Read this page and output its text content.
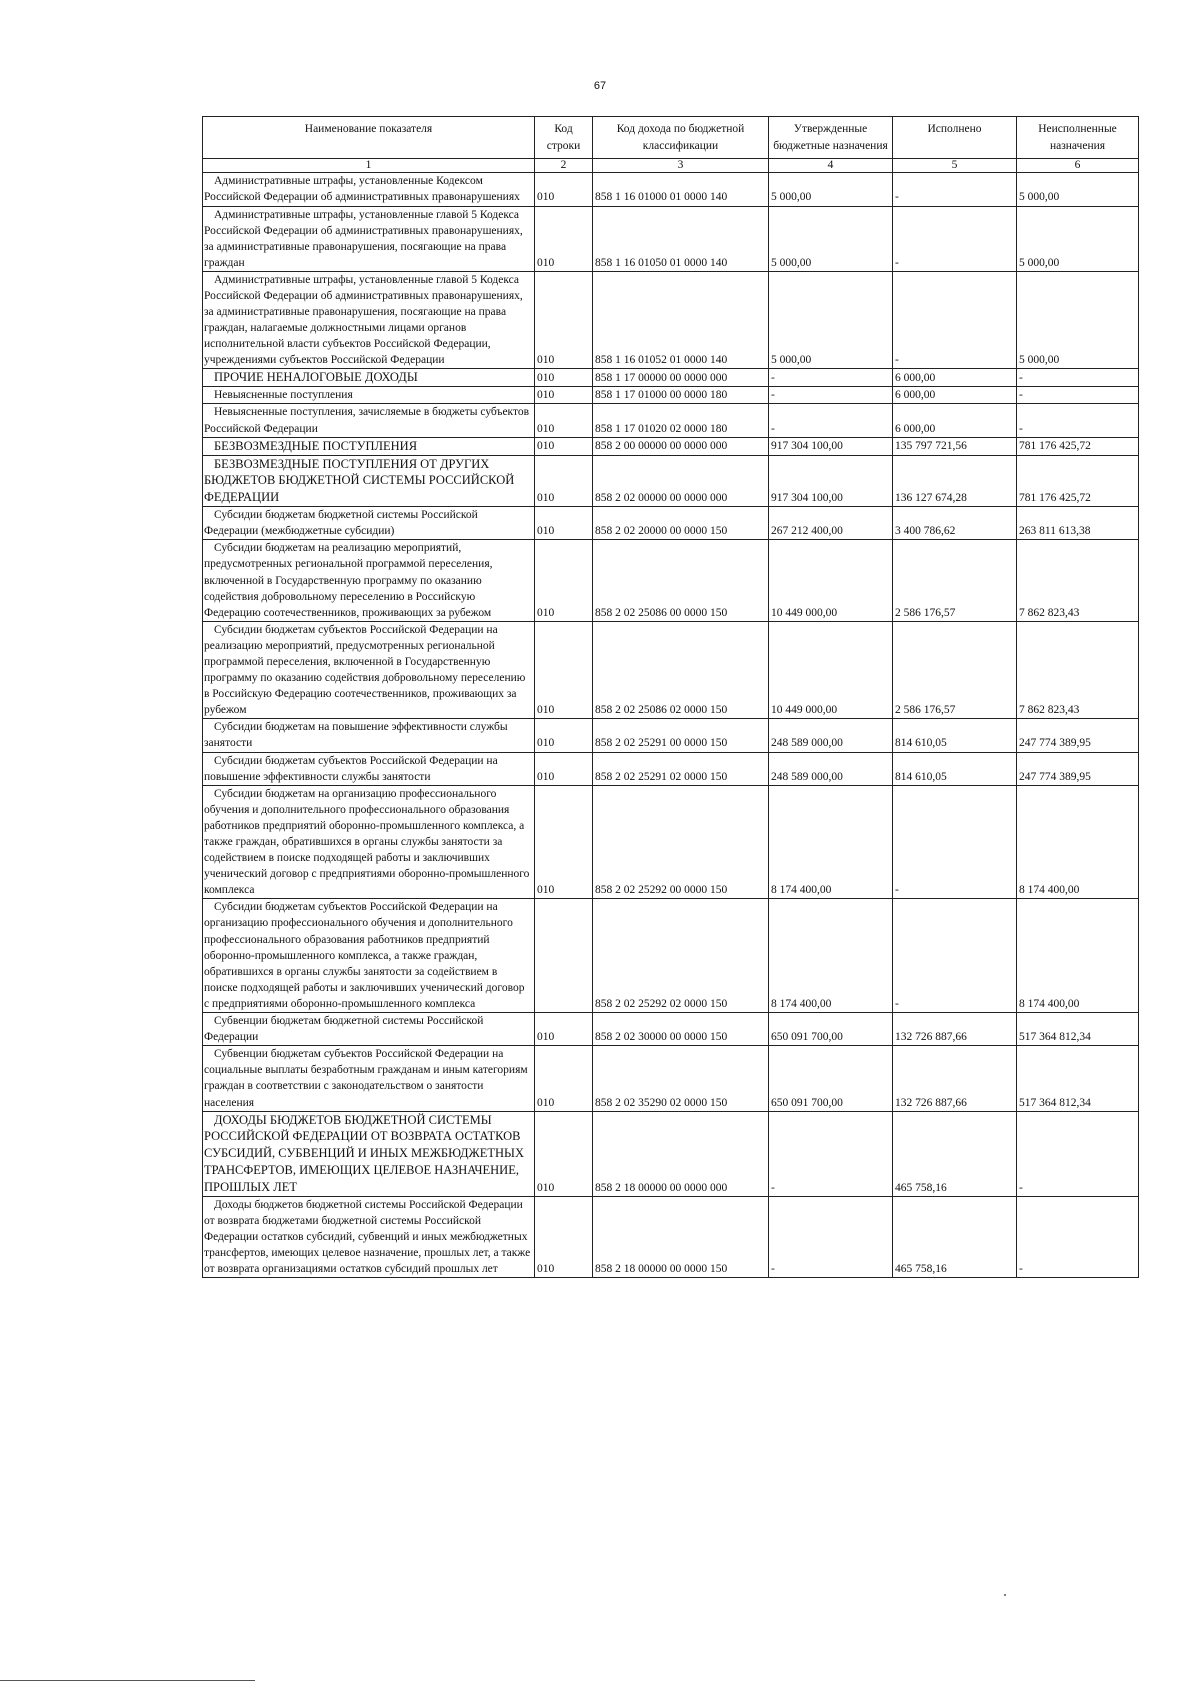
67
Наименование показателя	Код строки	Код дохода по бюджетной классификации	Утвержденные бюджетные назначения	Исполнено	Неисполненные назначения
1	2	3	4	5	6
Административные штрафы, установленные Кодексом Российской Федерации об административных правонарушениях	010	858 1 16 01000 01 0000 140	5 000,00	-	5 000,00
Административные штрафы, установленные главой 5 Кодекса Российской Федерации об административных правонарушениях, за административные правонарушения, посягающие на права граждан	010	858 1 16 01050 01 0000 140	5 000,00	-	5 000,00
Административные штрафы, установленные главой 5 Кодекса Российской Федерации об административных правонарушениях, за административные правонарушения, посягающие на права граждан, налагаемые должностными лицами органов исполнительной власти субъектов Российской Федерации, учреждениями субъектов Российской Федерации	010	858 1 16 01052 01 0000 140	5 000,00	-	5 000,00
ПРОЧИЕ НЕНАЛОГОВЫЕ ДОХОДЫ	010	858 1 17 00000 00 0000 000	-	6 000,00	-
Невыясненные поступления	010	858 1 17 01000 00 0000 180	-	6 000,00	-
Невыясненные поступления, зачисляемые в бюджеты субъектов Российской Федерации	010	858 1 17 01020 02 0000 180	-	6 000,00	-
БЕЗВОЗМЕЗДНЫЕ ПОСТУПЛЕНИЯ	010	858 2 00 00000 00 0000 000	917 304 100,00	135 797 721,56	781 176 425,72
БЕЗВОЗМЕЗДНЫЕ ПОСТУПЛЕНИЯ ОТ ДРУГИХ БЮДЖЕТОВ БЮДЖЕТНОЙ СИСТЕМЫ РОССИЙСКОЙ ФЕДЕРАЦИИ	010	858 2 02 00000 00 0000 000	917 304 100,00	136 127 674,28	781 176 425,72
Субсидии бюджетам бюджетной системы Российской Федерации (межбюджетные субсидии)	010	858 2 02 20000 00 0000 150	267 212 400,00	3 400 786,62	263 811 613,38
Субсидии бюджетам на реализацию мероприятий, предусмотренных региональной программой переселения, включенной в Государственную программу по оказанию содействия добровольному переселению в Российскую Федерацию соотечественников, проживающих за рубежом	010	858 2 02 25086 00 0000 150	10 449 000,00	2 586 176,57	7 862 823,43
Субсидии бюджетам субъектов Российской Федерации на реализацию мероприятий, предусмотренных региональной программой переселения, включенной в Государственную программу по оказанию содействия добровольному переселению в Российскую Федерацию соотечественников, проживающих за рубежом	010	858 2 02 25086 02 0000 150	10 449 000,00	2 586 176,57	7 862 823,43
Субсидии бюджетам на повышение эффективности службы занятости	010	858 2 02 25291 00 0000 150	248 589 000,00	814 610,05	247 774 389,95
Субсидии бюджетам субъектов Российской Федерации на повышение эффективности службы занятости	010	858 2 02 25291 02 0000 150	248 589 000,00	814 610,05	247 774 389,95
Субсидии бюджетам на организацию профессионального обучения и дополнительного профессионального образования работников предприятий оборонно-промышленного комплекса, а также граждан, обратившихся в органы службы занятости за содействием в поиске подходящей работы и заключивших ученический договор с предприятиями оборонно-промышленного комплекса	010	858 2 02 25292 00 0000 150	8 174 400,00	-	8 174 400,00
Субсидии бюджетам субъектов Российской Федерации на организацию профессионального обучения и дополнительного профессионального образования работников предприятий оборонно-промышленного комплекса, а также граждан, обратившихся в органы службы занятости за содействием в поиске подходящей работы и заключивших ученический договор с предприятиями оборонно-промышленного комплекса		858 2 02 25292 02 0000 150	8 174 400,00	-	8 174 400,00
Субвенции бюджетам бюджетной системы Российской Федерации	010	858 2 02 30000 00 0000 150	650 091 700,00	132 726 887,66	517 364 812,34
Субвенции бюджетам субъектов Российской Федерации на социальные выплаты безработным гражданам и иным категориям граждан в соответствии с законодательством о занятости населения	010	858 2 02 35290 02 0000 150	650 091 700,00	132 726 887,66	517 364 812,34
ДОХОДЫ БЮДЖЕТОВ БЮДЖЕТНОЙ СИСТЕМЫ РОССИЙСКОЙ ФЕДЕРАЦИИ ОТ ВОЗВРАТА ОСТАТКОВ СУБСИДИЙ, СУБВЕНЦИЙ И ИНЫХ МЕЖБЮДЖЕТНЫХ ТРАНСФЕРТОВ, ИМЕЮЩИХ ЦЕЛЕВОЕ НАЗНАЧЕНИЕ, ПРОШЛЫХ ЛЕТ	010	858 2 18 00000 00 0000 000	-	465 758,16	-
Доходы бюджетов бюджетной системы Российской Федерации от возврата бюджетами бюджетной системы Российской Федерации остатков субсидий, субвенций и иных межбюджетных трансфертов, имеющих целевое назначение, прошлых лет, а также от возврата организациями остатков субсидий прошлых лет	010	858 2 18 00000 00 0000 150	-	465 758,16	-
